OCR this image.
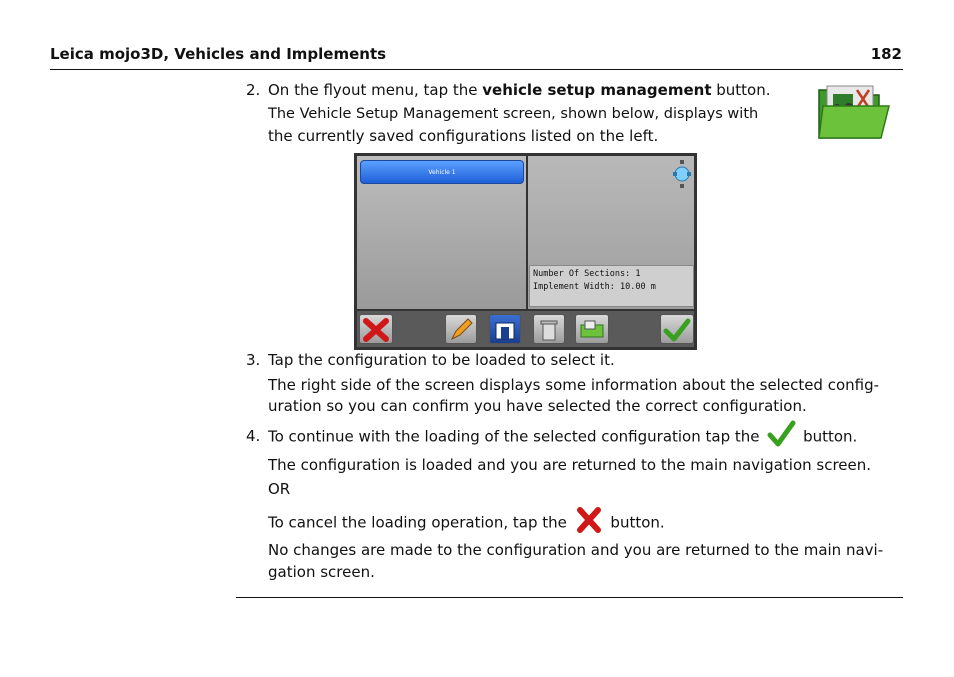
Leica mojo3D, Vehicles and Implements	182
2. On the flyout menu, tap the vehicle setup management button.
The Vehicle Setup Management screen, shown below, displays with
the currently saved configurations listed on the left.
Vehicle 1
Number Of Sections: 1
Implement Width: 10.00 m
3. Tap the configuration to be loaded to select it.
The right side of the screen displays some information about the selected config-
uration so you can confirm you have selected the correct configuration.
4. To continue with the loading of the selected configuration tap the	button.
The configuration is loaded and you are returned to the main navigation screen.
OR
To cancel the loading operation, tap the	button.
No changes are made to the configuration and you are returned to the main navi-
gation screen.
